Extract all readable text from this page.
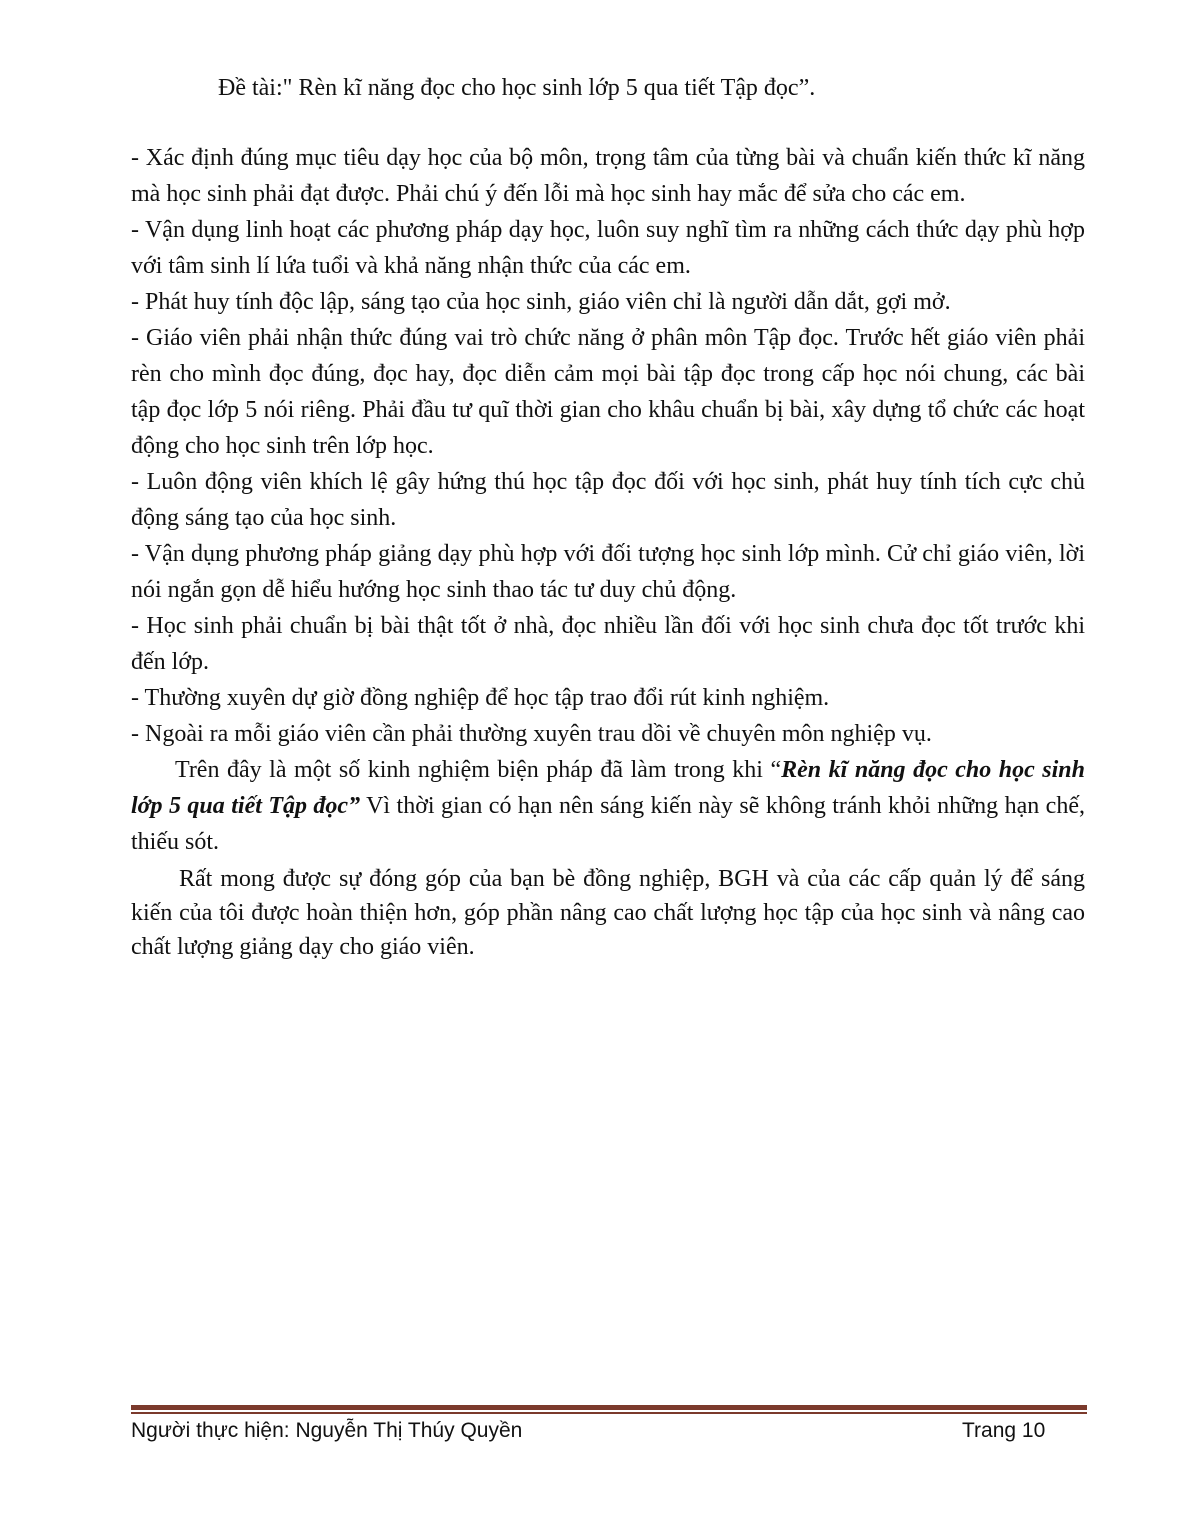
Đề tài:" Rèn kĩ năng đọc cho học sinh lớp 5 qua tiết Tập đọc”.

- Xác định đúng mục tiêu dạy học của bộ môn, trọng tâm của từng bài và chuẩn kiến thức kĩ năng mà học sinh phải đạt được. Phải chú ý đến lỗi mà học sinh hay mắc để sửa cho các em.

- Vận dụng linh hoạt các phương pháp dạy học, luôn suy nghĩ tìm ra những cách thức dạy phù hợp với tâm sinh lí lứa tuổi và khả năng nhận thức của các em.

- Phát huy tính độc lập, sáng tạo của học sinh, giáo viên chỉ là người dẫn dắt, gợi mở.

- Giáo viên phải nhận thức đúng vai trò chức năng ở phân môn Tập đọc. Trước hết giáo viên phải rèn cho mình đọc đúng, đọc hay, đọc diễn cảm mọi bài tập đọc trong cấp học nói chung, các bài tập đọc lớp 5 nói riêng. Phải đầu tư quĩ thời gian cho khâu chuẩn bị bài, xây dựng tổ chức các hoạt động cho học sinh trên lớp học.

- Luôn động viên khích lệ gây hứng thú học tập đọc đối với học sinh, phát huy tính tích cực chủ động sáng tạo của học sinh.

- Vận dụng phương pháp giảng dạy phù hợp với đối tượng học sinh lớp mình. Cử chỉ giáo viên, lời nói ngắn gọn dễ hiểu hướng học sinh thao tác tư duy chủ động.

- Học sinh phải chuẩn bị bài thật tốt ở nhà, đọc nhiều lần đối với học sinh chưa đọc tốt trước khi đến lớp.

- Thường xuyên dự giờ đồng nghiệp để học tập trao đổi rút kinh nghiệm.

- Ngoài ra mỗi giáo viên cần phải thường xuyên trau dồi về chuyên môn nghiệp vụ.

Trên đây là một số kinh nghiệm biện pháp đã làm trong khi “Rèn kĩ năng đọc cho học sinh lớp 5 qua tiết Tập đọc” Vì thời gian có hạn nên sáng kiến này sẽ không tránh khỏi những hạn chế, thiếu sót.

Rất mong được sự đóng góp của bạn bè đồng nghiệp, BGH và của các cấp quản lý để sáng kiến của tôi được hoàn thiện hơn, góp phần nâng cao chất lượng học tập của học sinh và nâng cao chất lượng giảng dạy cho giáo viên.

Người thực hiện: Nguyễn Thị Thúy Quyền	Trang 10
